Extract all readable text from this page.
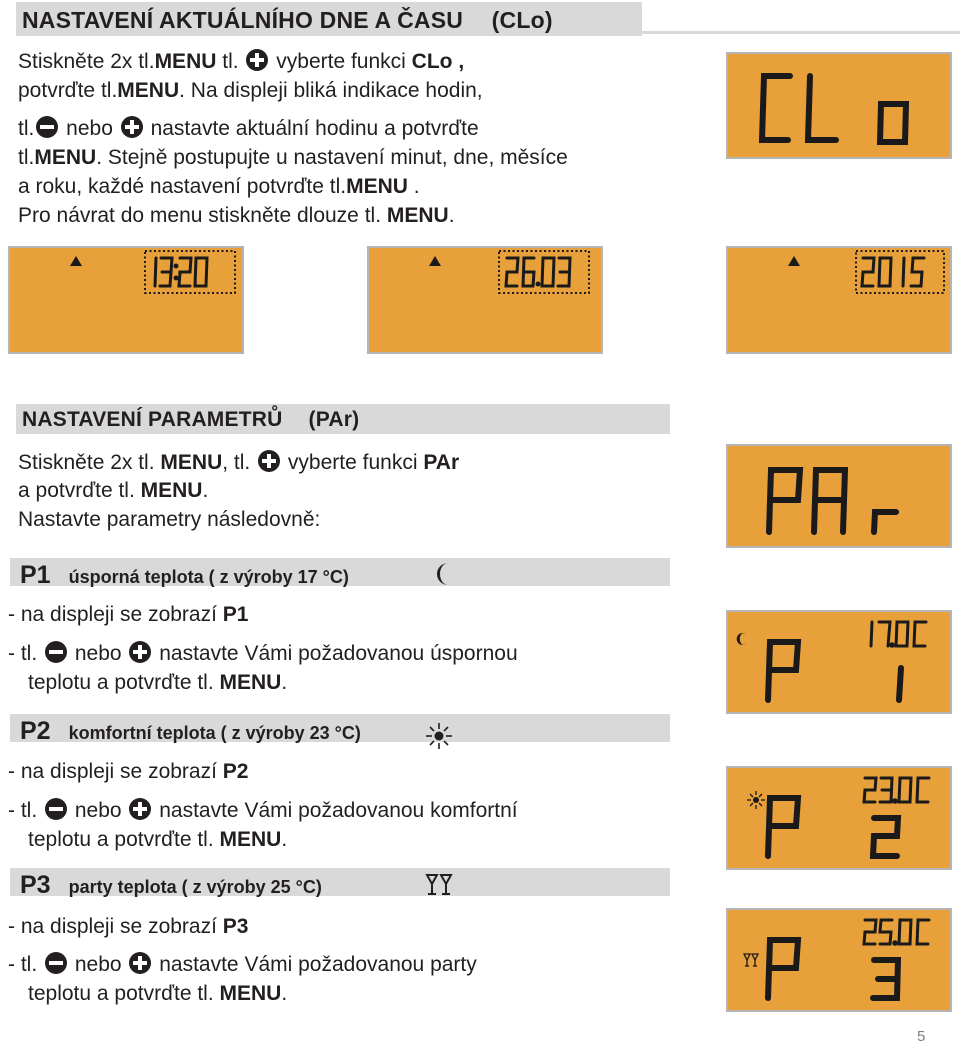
NASTAVENÍ AKTUÁLNÍHO DNE A ČASU (CLo)
Stiskněte 2x tl.MENU tl.  vyberte funkci CLo ,
potvrďte tl.MENU. Na displeji bliká indikace hodin,
tl. nebo  nastavte aktuální hodinu a potvrďte
tl.MENU. Stejně postupujte u nastavení minut, dne, měsíce
a roku, každé nastavení potvrďte tl.MENU .
Pro návrat do menu stiskněte dlouze tl. MENU.
NASTAVENÍ PARAMETRŮ (PAr)
Stiskněte 2x tl. MENU, tl.  vyberte funkci PAr
a potvrďte tl. MENU.
Nastavte parametry následovně:
P1 úsporná teplota ( z výroby 17 °C)
- na displeji se zobrazí P1
- tl.  nebo  nastavte Vámi požadovanou úspornou
teplotu a potvrďte tl. MENU.
P2 komfortní teplota ( z výroby 23 °C)
- na displeji se zobrazí P2
- tl.  nebo  nastavte Vámi požadovanou komfortní
teplotu a potvrďte tl. MENU.
P3 party teplota ( z výroby 25 °C)
- na displeji se zobrazí P3
- tl.  nebo  nastavte Vámi požadovanou party
teplotu a potvrďte tl. MENU.
5
